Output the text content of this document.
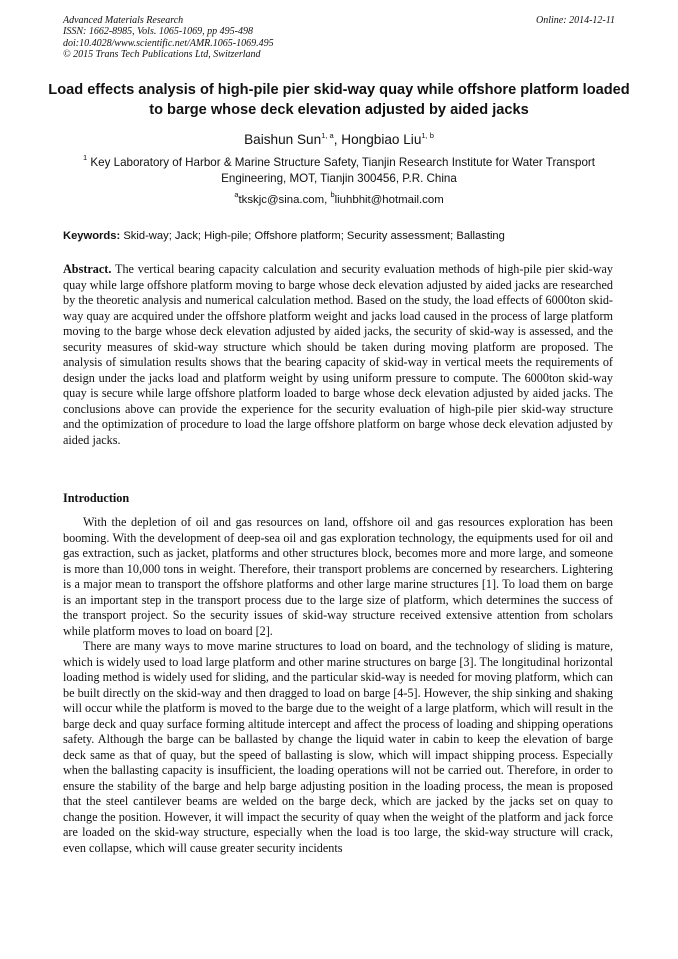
Advanced Materials Research
ISSN: 1662-8985, Vols. 1065-1069, pp 495-498
doi:10.4028/www.scientific.net/AMR.1065-1069.495
© 2015 Trans Tech Publications Ltd, Switzerland
Online: 2014-12-11
Load effects analysis of high-pile pier skid-way quay while offshore platform loaded to barge whose deck elevation adjusted by aided jacks
Baishun Sun$^{1, a}$, Hongbiao Liu$^{1, b}$
$^1$ Key Laboratory of Harbor & Marine Structure Safety, Tianjin Research Institute for Water Transport Engineering, MOT, Tianjin 300456, P.R. China
$^a$tkskjc@sina.com, $^b$liuhbhit@hotmail.com
Keywords: Skid-way; Jack; High-pile; Offshore platform; Security assessment; Ballasting
Abstract. The vertical bearing capacity calculation and security evaluation methods of high-pile pier skid-way quay while large offshore platform moving to barge whose deck elevation adjusted by aided jacks are researched by the theoretic analysis and numerical calculation method. Based on the study, the load effects of 6000ton skid-way quay are acquired under the offshore platform weight and jacks load caused in the process of large platform moving to the barge whose deck elevation adjusted by aided jacks, the security of skid-way is assessed, and the security measures of skid-way structure which should be taken during moving platform are proposed. The analysis of simulation results shows that the bearing capacity of skid-way in vertical meets the requirements of design under the jacks load and platform weight by using uniform pressure to compute. The 6000ton skid-way quay is secure while large offshore platform loaded to barge whose deck elevation adjusted by aided jacks. The conclusions above can provide the experience for the security evaluation of high-pile pier skid-way structure and the optimization of procedure to load the large offshore platform on barge whose deck elevation adjusted by aided jacks.
Introduction

With the depletion of oil and gas resources on land, offshore oil and gas resources exploration has been booming. With the development of deep-sea oil and gas exploration technology, the equipments used for oil and gas extraction, such as jacket, platforms and other structures block, becomes more and more large, and someone is more than 10,000 tons in weight. Therefore, their transport problems are concerned by researchers. Lightering is a major mean to transport the offshore platforms and other large marine structures [1]. To load them on barge is an important step in the transport process due to the large size of platform, which determines the success of the transport project. So the security issues of skid-way structure received extensive attention from scholars while platform moves to load on board [2].

There are many ways to move marine structures to load on board, and the technology of sliding is mature, which is widely used to load large platform and other marine structures on barge [3]. The longitudinal horizontal loading method is widely used for sliding, and the particular skid-way is needed for moving platform, which can be built directly on the skid-way and then dragged to load on barge [4-5]. However, the ship sinking and shaking will occur while the platform is moved to the barge due to the weight of a large platform, which will result in the barge deck and quay surface forming altitude intercept and affect the process of loading and shipping operations safety. Although the barge can be ballasted by change the liquid water in cabin to keep the elevation of barge deck same as that of quay, but the speed of ballasting is slow, which will impact shipping process. Especially when the ballasting capacity is insufficient, the loading operations will not be carried out. Therefore, in order to ensure the stability of the barge and help barge adjusting position in the loading process, the mean is proposed that the steel cantilever beams are welded on the barge deck, which are jacked by the jacks set on quay to change the position. However, it will impact the security of quay when the weight of the platform and jack force are loaded on the skid-way structure, especially when the load is too large, the skid-way structure will crack, even collapse, which will cause greater security incidents
